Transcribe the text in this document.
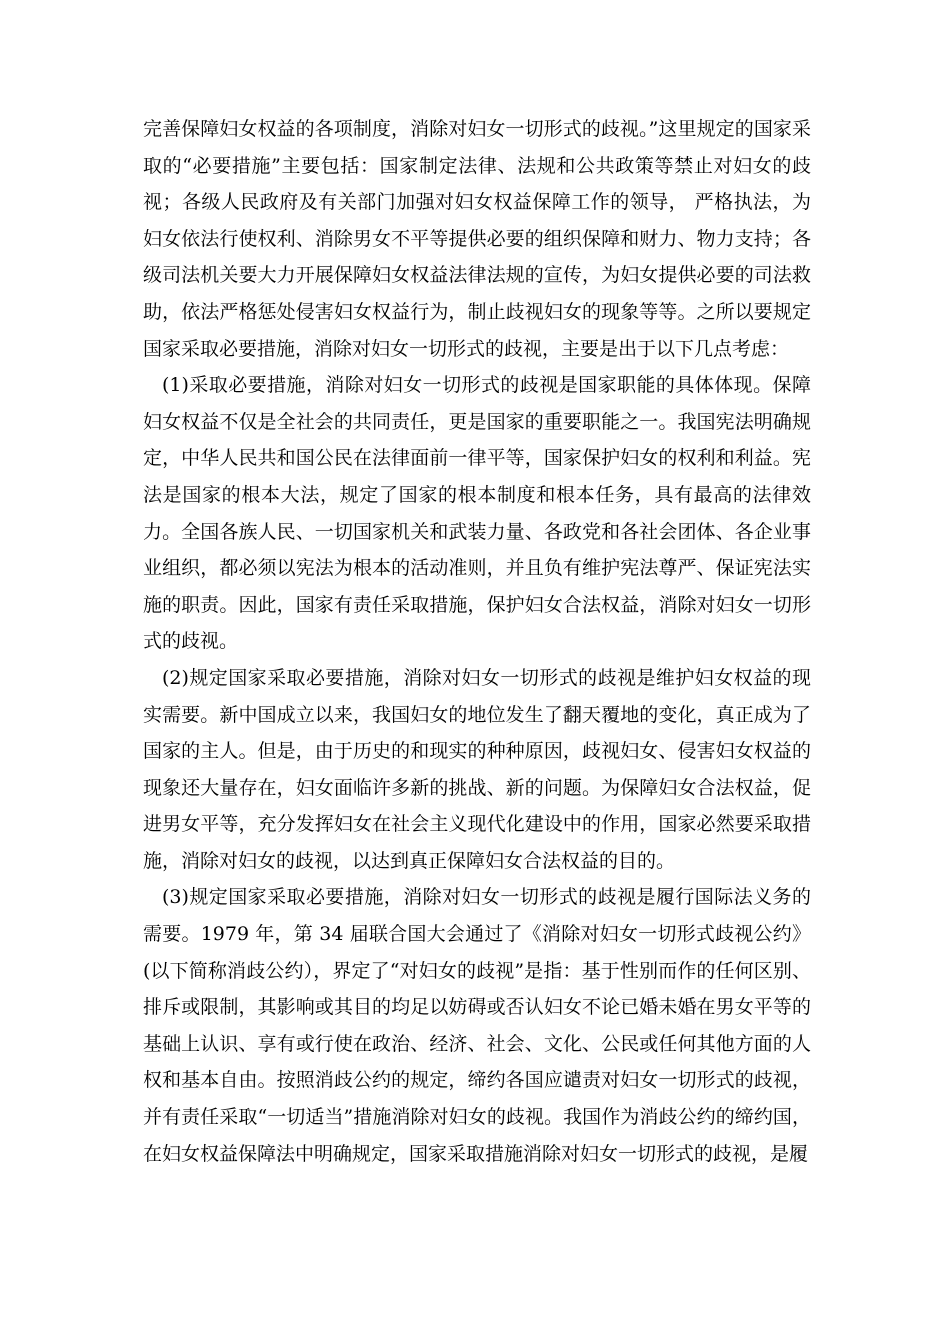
完善保障妇女权益的各项制度，消除对妇女一切形式的歧视。”这里规定的国家采取的“必要措施”主要包括：国家制定法律、法规和公共政策等禁止对妇女的歧视；各级人民政府及有关部门加强对妇女权益保障工作的领导， 严格执法，为妇女依法行使权利、消除男女不平等提供必要的组织保障和财力、物力支持；各级司法机关要大力开展保障妇女权益法律法规的宣传，为妇女提供必要的司法救助，依法严格惩处侵害妇女权益行为，制止歧视妇女的现象等等。之所以要规定国家采取必要措施，消除对妇女一切形式的歧视，主要是出于以下几点考虑：

(1)采取必要措施，消除对妇女一切形式的歧视是国家职能的具体体现。保障妇女权益不仅是全社会的共同责任，更是国家的重要职能之一。我国宪法明确规定，中华人民共和国公民在法律面前一律平等，国家保护妇女的权利和利益。宪法是国家的根本大法，规定了国家的根本制度和根本任务，具有最高的法律效力。全国各族人民、一切国家机关和武装力量、各政党和各社会团体、各企业事业组织，都必须以宪法为根本的活动准则，并且负有维护宪法尊严、保证宪法实施的职责。因此，国家有责任采取措施，保护妇女合法权益，消除对妇女一切形式的歧视。

(2)规定国家采取必要措施，消除对妇女一切形式的歧视是维护妇女权益的现实需要。新中国成立以来，我国妇女的地位发生了翻天覆地的变化，真正成为了国家的主人。但是，由于历史的和现实的种种原因，歧视妇女、侵害妇女权益的现象还大量存在，妇女面临许多新的挑战、新的问题。为保障妇女合法权益，促进男女平等，充分发挥妇女在社会主义现代化建设中的作用，国家必然要采取措施，消除对妇女的歧视，以达到真正保障妇女合法权益的目的。

(3)规定国家采取必要措施，消除对妇女一切形式的歧视是履行国际法义务的需要。1979 年，第 34 届联合国大会通过了《消除对妇女一切形式歧视公约》(以下简称消歧公约），界定了“对妇女的歧视”是指：基于性别而作的任何区别、排斥或限制，其影响或其目的均足以妨碍或否认妇女不论已婚未婚在男女平等的基础上认识、享有或行使在政治、经济、社会、文化、公民或任何其他方面的人权和基本自由。按照消歧公约的规定，缔约各国应谴责对妇女一切形式的歧视，并有责任采取“一切适当”措施消除对妇女的歧视。我国作为消歧公约的缔约国，在妇女权益保障法中明确规定，国家采取措施消除对妇女一切形式的歧视，是履
